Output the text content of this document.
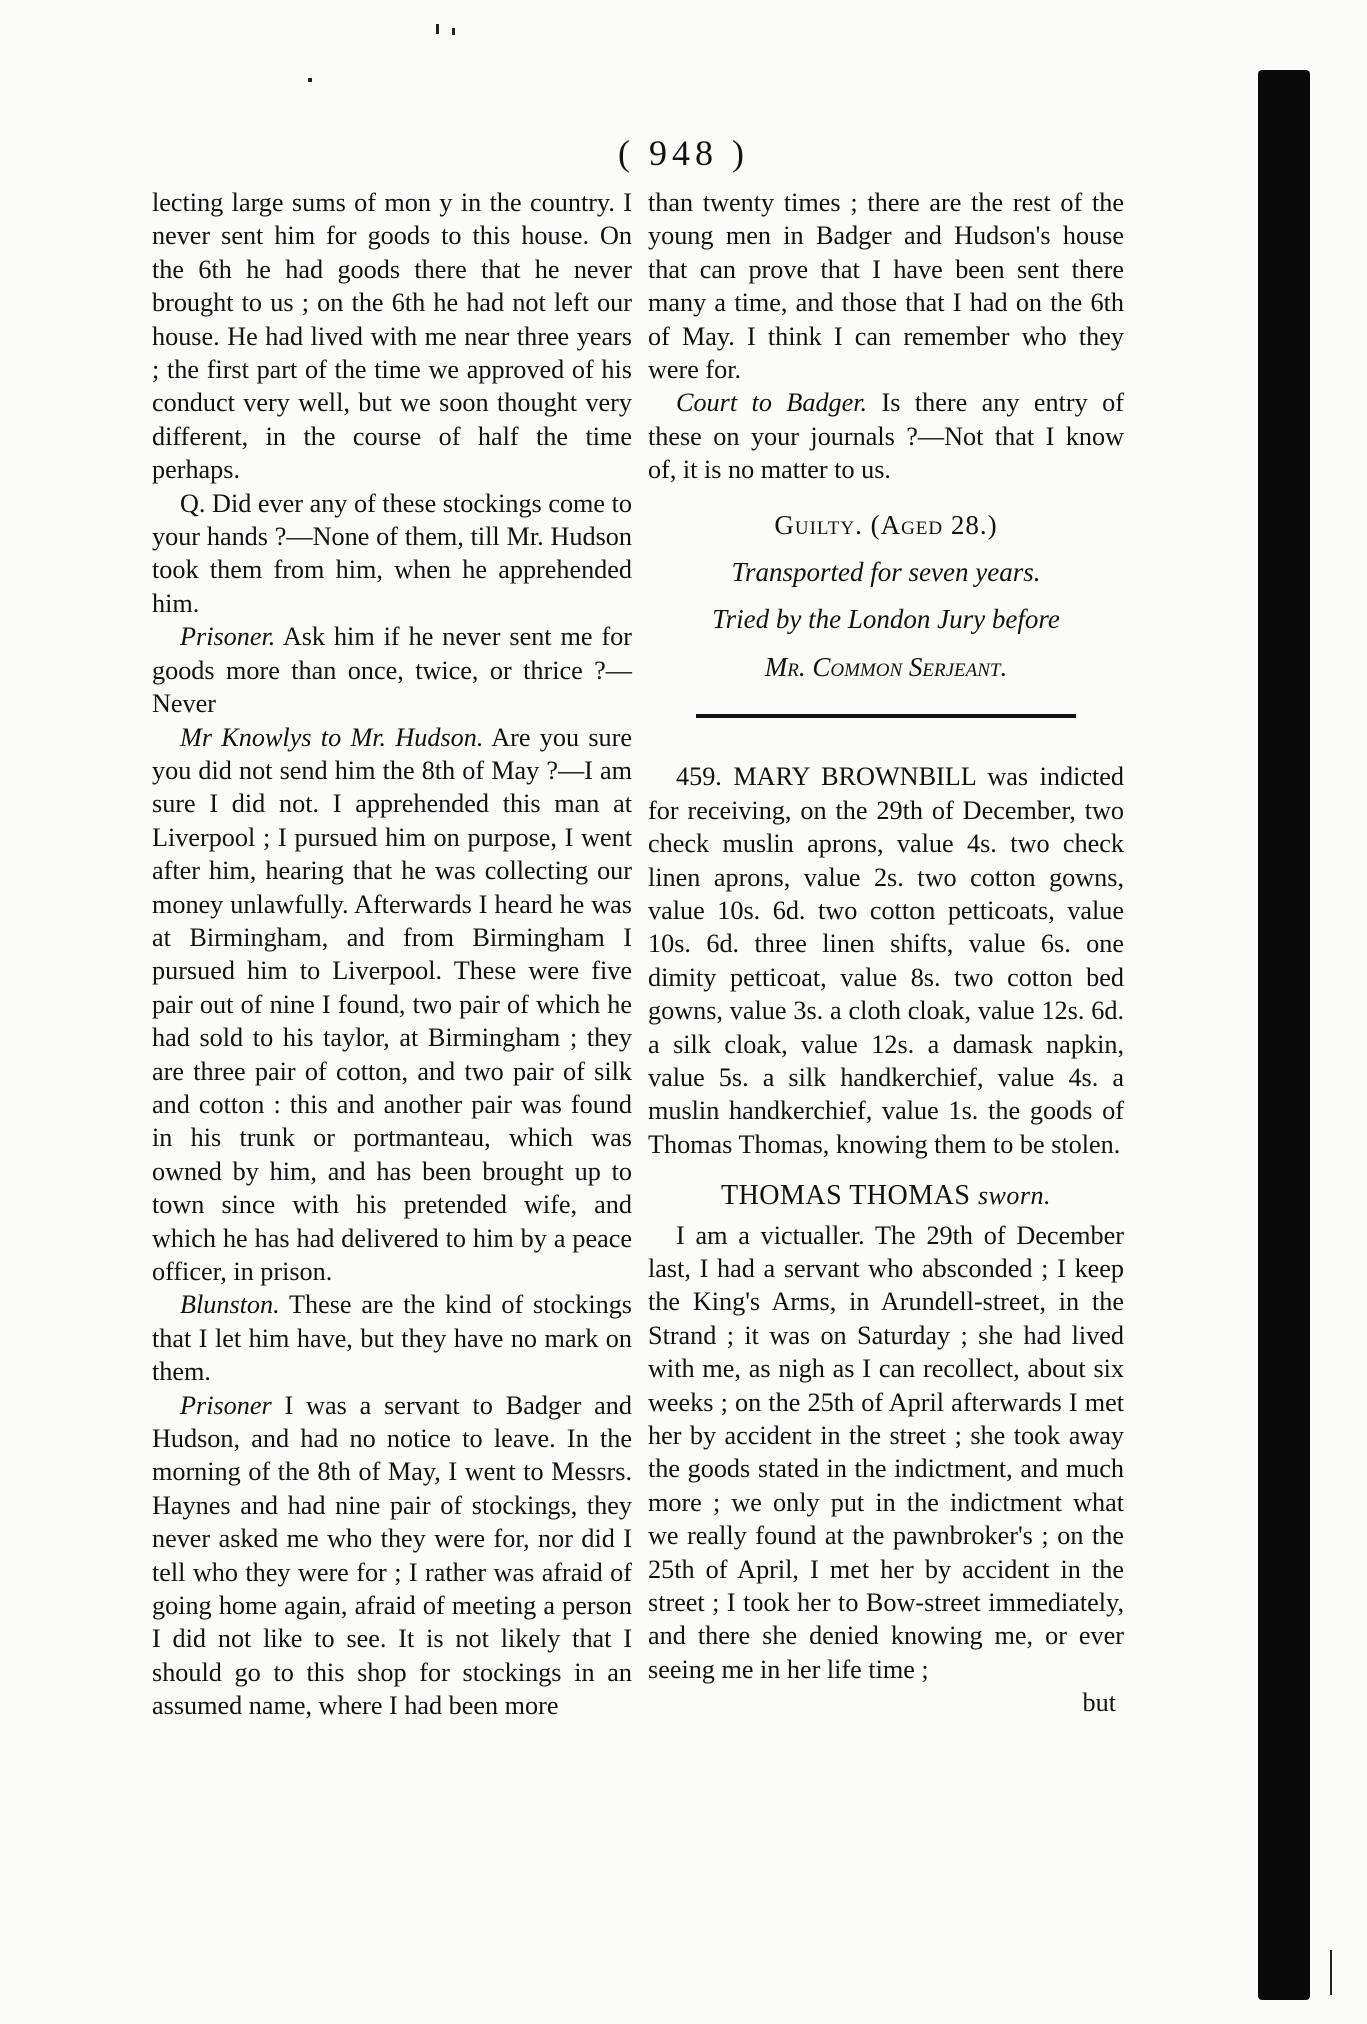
( 948 )

lecting large sums of mon y in the country. I never sent him for goods to this house. On the 6th he had goods there that he never brought to us ; on the 6th he had not left our house. He had lived with me near three years ; the first part of the time we approved of his conduct very well, but we soon thought very different, in the course of half the time perhaps.

Q. Did ever any of these stockings come to your hands ?—None of them, till Mr. Hudson took them from him, when he apprehended him.

Prisoner. Ask him if he never sent me for goods more than once, twice, or thrice ?—Never

Mr Knowlys to Mr. Hudson. Are you sure you did not send him the 8th of May ?—I am sure I did not. I apprehended this man at Liverpool ; I pursued him on purpose, I went after him, hearing that he was collecting our money unlawfully. Afterwards I heard he was at Birmingham, and from Birmingham I pursued him to Liverpool. These were five pair out of nine I found, two pair of which he had sold to his taylor, at Birmingham ; they are three pair of cotton, and two pair of silk and cotton : this and another pair was found in his trunk or portmanteau, which was owned by him, and has been brought up to town since with his pretended wife, and which he has had delivered to him by a peace officer, in prison.

Blunston. These are the kind of stockings that I let him have, but they have no mark on them.

Prisoner I was a servant to Badger and Hudson, and had no notice to leave. In the morning of the 8th of May, I went to Messrs. Haynes and had nine pair of stockings, they never asked me who they were for, nor did I tell who they were for ; I rather was afraid of going home again, afraid of meeting a person I did not like to see. It is not likely that I should go to this shop for stockings in an assumed name, where I had been more

than twenty times ; there are the rest of the young men in Badger and Hudson's house that can prove that I have been sent there many a time, and those that I had on the 6th of May. I think I can remember who they were for.

Court to Badger. Is there any entry of these on your journals ?—Not that I know of, it is no matter to us.

Guilty. (Aged 28.)

Transported for seven years.

Tried by the London Jury before

Mr. Common Serjeant.

459. MARY BROWNBILL was indicted for receiving, on the 29th of December, two check muslin aprons, value 4s. two check linen aprons, value 2s. two cotton gowns, value 10s. 6d. two cotton petticoats, value 10s. 6d. three linen shifts, value 6s. one dimity petticoat, value 8s. two cotton bed gowns, value 3s. a cloth cloak, value 12s. 6d. a silk cloak, value 12s. a damask napkin, value 5s. a silk handkerchief, value 4s. a muslin handkerchief, value 1s. the goods of Thomas Thomas, knowing them to be stolen.

THOMAS THOMAS sworn.

I am a victualler. The 29th of December last, I had a servant who absconded ; I keep the King's Arms, in Arundell-street, in the Strand ; it was on Saturday ; she had lived with me, as nigh as I can recollect, about six weeks ; on the 25th of April afterwards I met her by accident in the street ; she took away the goods stated in the indictment, and much more ; we only put in the indictment what we really found at the pawnbroker's ; on the 25th of April, I met her by accident in the street ; I took her to Bow-street immediately, and there she denied knowing me, or ever seeing me in her life time ;

but
